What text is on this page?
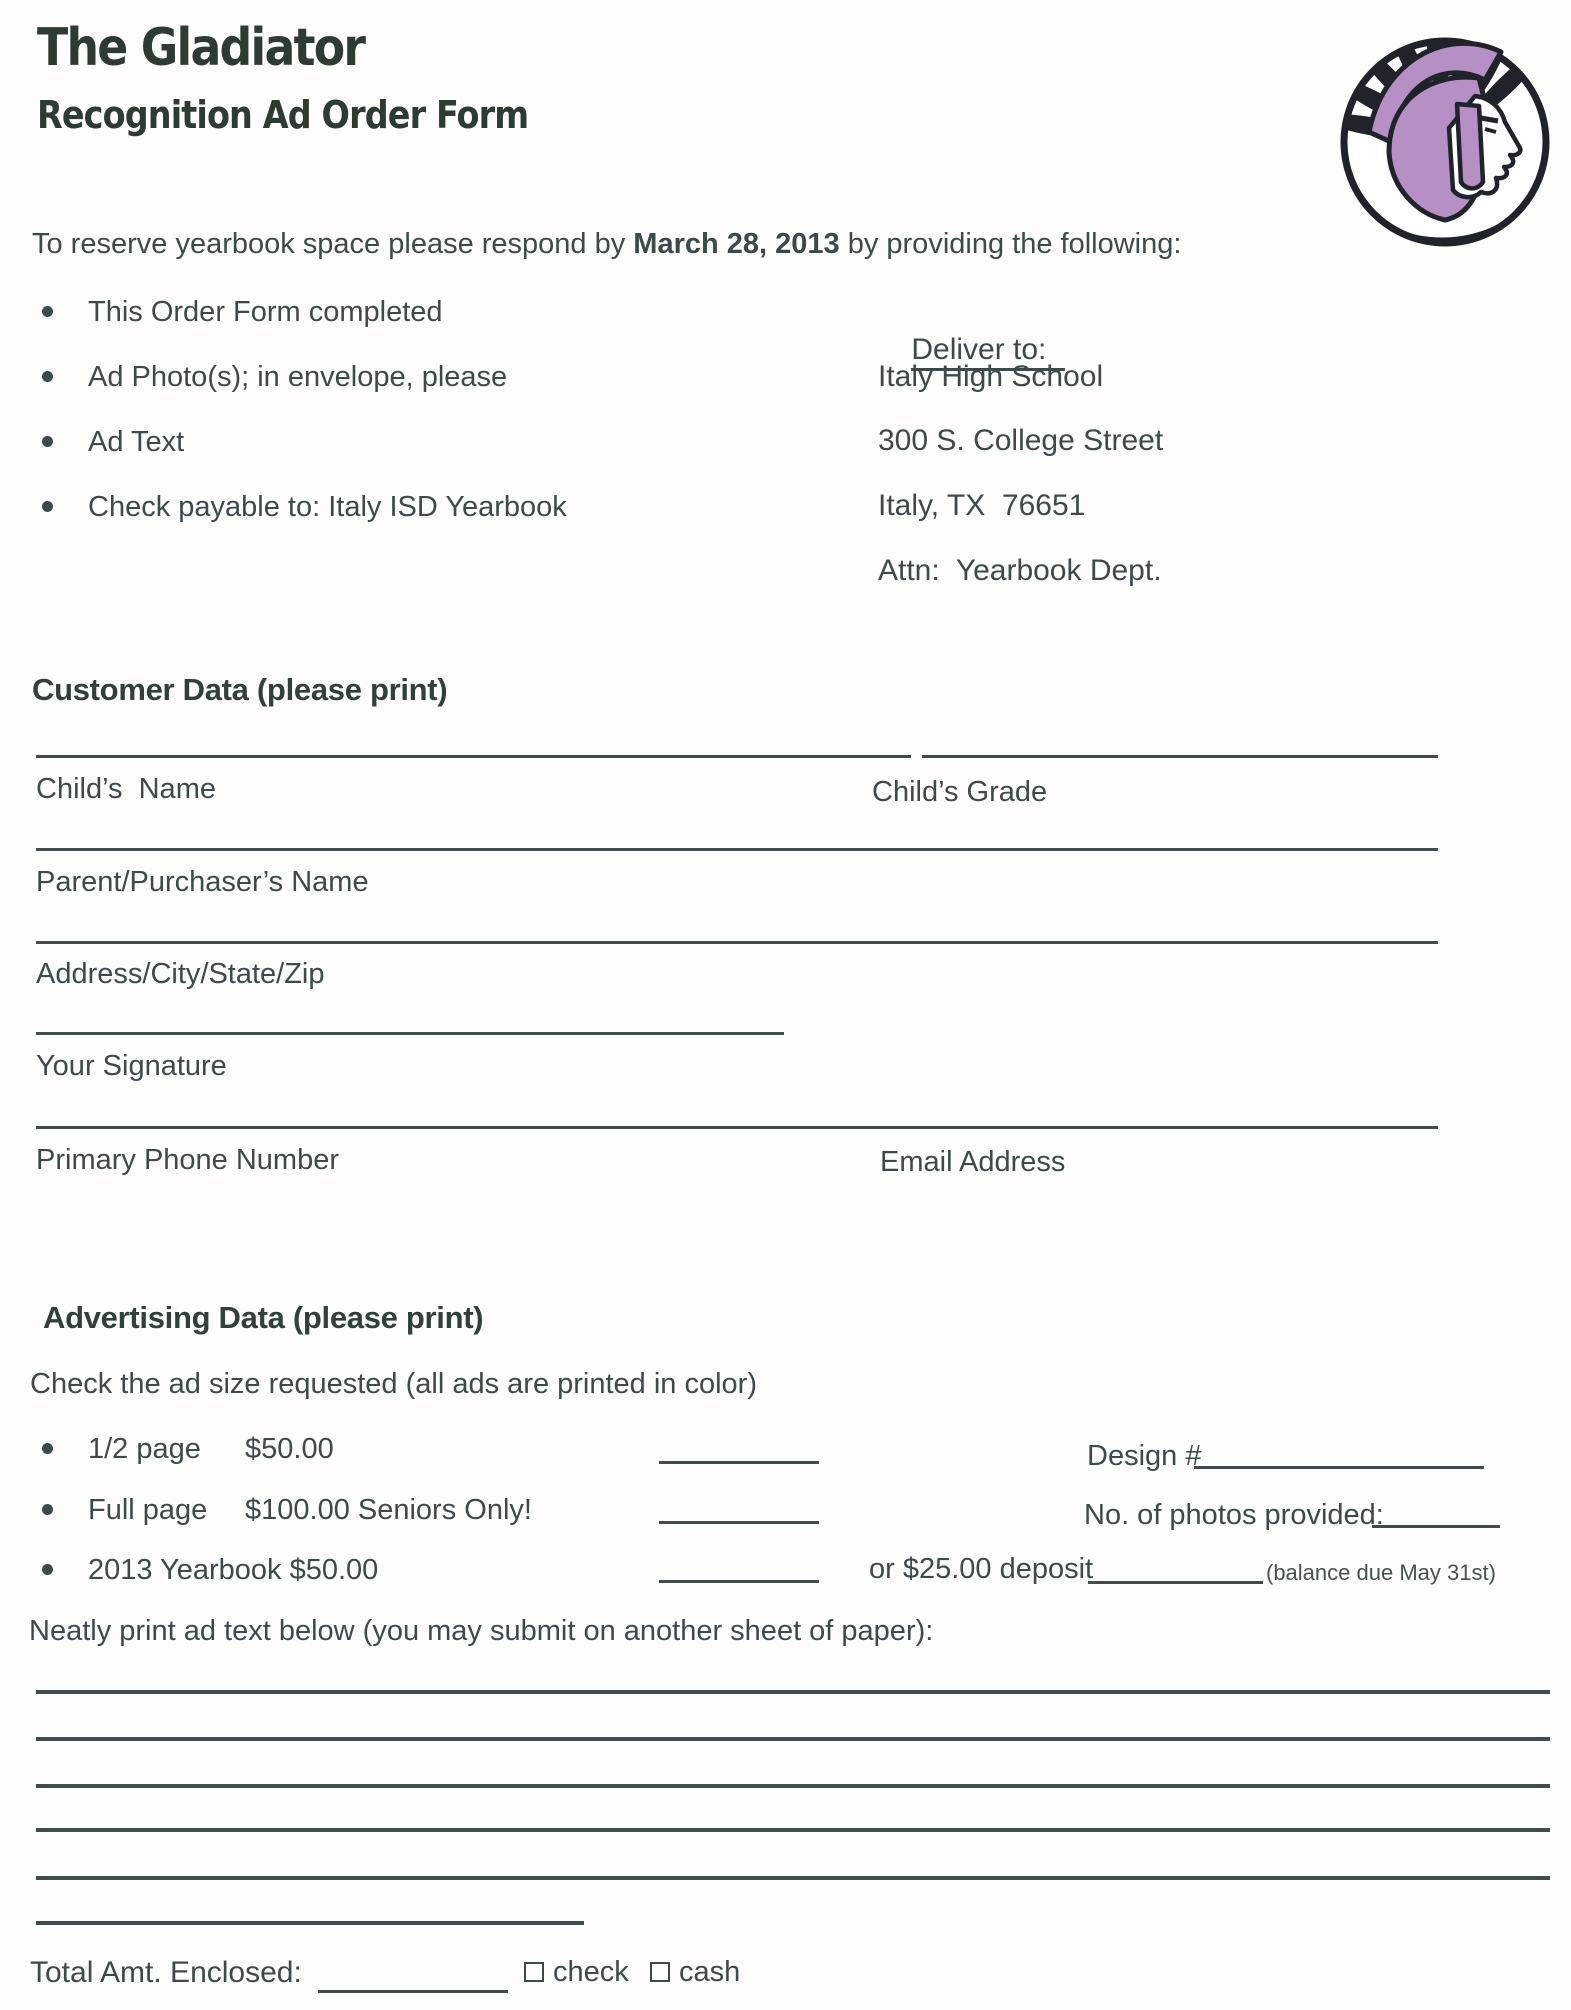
The Gladiator
Recognition Ad Order Form
To reserve yearbook space please respond by March 28, 2013 by providing the following:
This Order Form completed
Ad Photo(s); in envelope, please
Ad Text
Check payable to: Italy ISD Yearbook

Deliver to:

Italy High School
300 S. College Street
Italy, TX  76651
Attn:  Yearbook Dept.
Customer Data (please print)
Child’s  Name	Child’s Grade
Parent/Purchaser’s Name
Address/City/State/Zip
Your Signature
Primary Phone Number	Email Address
Advertising Data (please print)
Check the ad size requested (all ads are printed in color)
1/2 page $50.00
Full page $100.00 Seniors Only!
2013 Yearbook $50.00
Design #
No. of photos provided:
or $25.00 deposit	(balance due May 31st)
Neatly print ad text below (you may submit on another sheet of paper):
Total Amt. Enclosed:	check cash
